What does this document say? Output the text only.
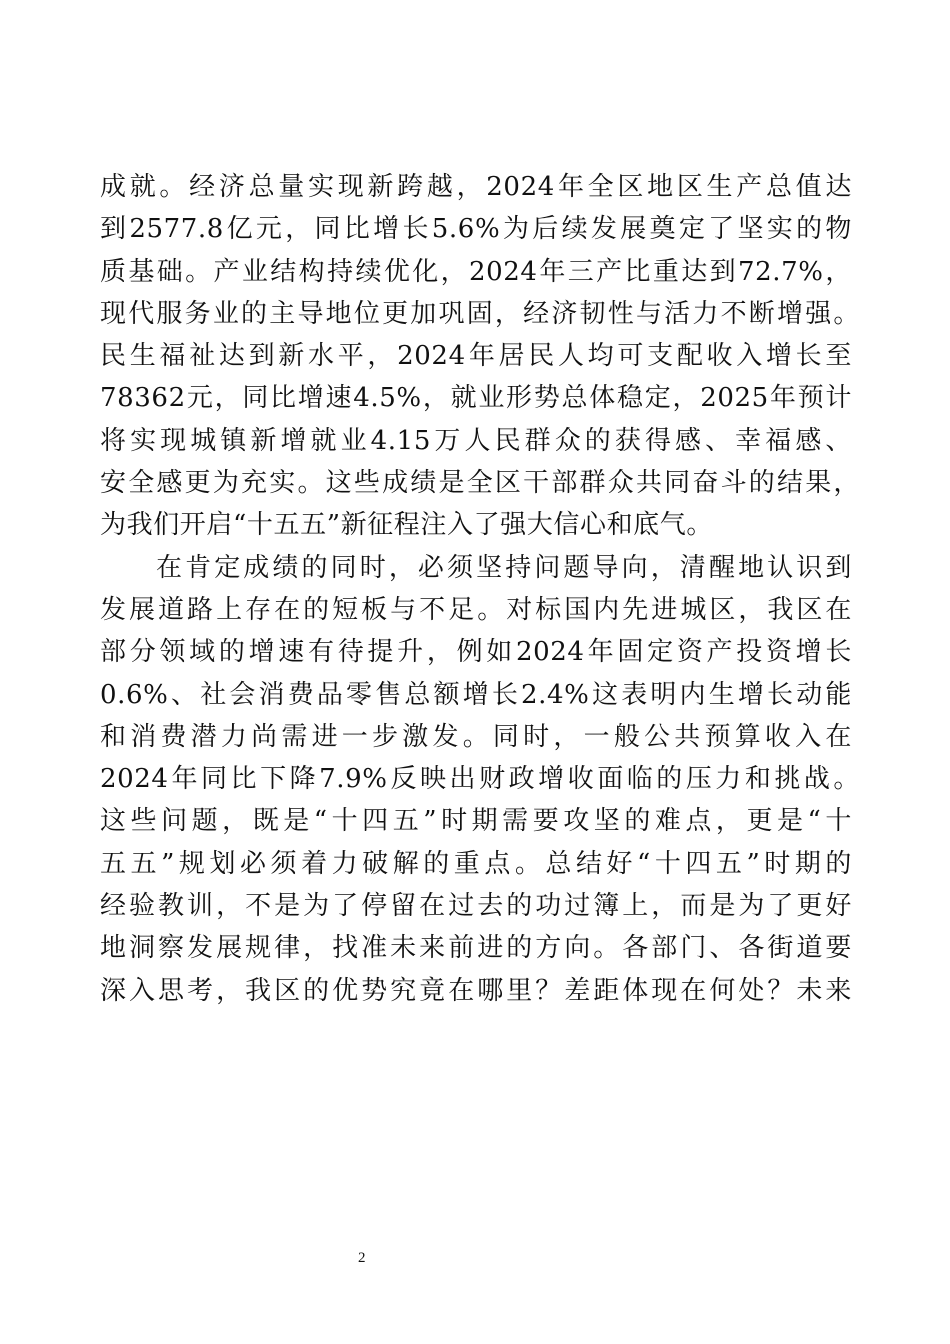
成就。经济总量实现新跨越，2024年全区地区生产总值达
到2577.8亿元，同比增长5.6%为后续发展奠定了坚实的物
质基础。产业结构持续优化，2024年三产比重达到72.7%，
现代服务业的主导地位更加巩固，经济韧性与活力不断增强。
民生福祉达到新水平，2024年居民人均可支配收入增长至
78362元，同比增速4.5%，就业形势总体稳定，2025年预计
将实现城镇新增就业4.15万人民群众的获得感、幸福感、
安全感更为充实。这些成绩是全区干部群众共同奋斗的结果，
为我们开启“十五五”新征程注入了强大信心和底气。
在肯定成绩的同时，必须坚持问题导向，清醒地认识到
发展道路上存在的短板与不足。对标国内先进城区，我区在
部分领域的增速有待提升，例如2024年固定资产投资增长
0.6%、社会消费品零售总额增长2.4%这表明内生增长动能
和消费潜力尚需进一步激发。同时，一般公共预算收入在
2024年同比下降7.9%反映出财政增收面临的压力和挑战。
这些问题，既是“十四五”时期需要攻坚的难点，更是“十
五五”规划必须着力破解的重点。总结好“十四五”时期的
经验教训，不是为了停留在过去的功过簿上，而是为了更好
地洞察发展规律，找准未来前进的方向。各部门、各街道要
深入思考，我区的优势究竟在哪里？差距体现在何处？未来
2
